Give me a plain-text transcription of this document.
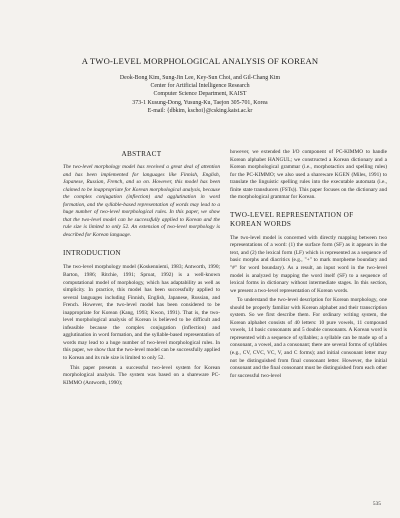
A TWO-LEVEL MORPHOLOGICAL ANALYSIS OF KOREAN
Deok-Bong Kim, Sung-Jin Lee, Key-Sun Choi, and Gil-Chang Kim
Center for Artificial Intelligence Research
Computer Science Department, KAIST
373-1 Kusung-Dong, Yusung-Ku, Taejon 305-701, Korea
E-mail: {dbkim, kschoi}@csking.kaist.ac.kr

ABSTRACT

The two-level morphology model has received a great deal of attention and has been implemented for languages like Finnish, English, Japanese, Russian, French, and so on. However, this model has been claimed to be inappropriate for Korean morphological analysis, because the complex conjugation (inflection) and agglutination in word formation, and the syllable-based representation of words may lead to a huge number of two-level morphological rules. In this paper, we show that the two-level model can be successfully applied to Korean and the rule size is limited to only 52. An extension of two-level morphology is described for Korean language.

INTRODUCTION

The two-level morphology model (Koskenniemi, 1983; Antworth, 1990; Barton, 1986; Ritchie, 1991; Sproat, 1992) is a well-known computational model of morphology, which has adaptability as well as simplicity. In practice, this model has been successfully applied to several languages including Finnish, English, Japanese, Russian, and French. However, the two-level model has been considered to be inappropriate for Korean (Kang, 1993; Kwon, 1991). That is, the two-level morphological analysis of Korean is believed to be difficult and infeasible because the complex conjugation (inflection) and agglutination in word formation, and the syllable-based representation of words may lead to a huge number of two-level morphological rules. In this paper, we show that the two-level model can be successfully applied to Korean and its rule size is limited to only 52.

This paper presents a successful two-level system for Korean morphological analysis. The system was based on a shareware PC-KIMMO (Antworth, 1990);

however, we extended the I/O component of PC-KIMMO to handle Korean alphabet HANGUL; we constructed a Korean dictionary and a Korean morphological grammar (i.e., morphotactics and spelling rules) for the PC-KIMMO; we also used a shareware KGEN (Miles, 1991) to translate the linguistic spelling rules into the executable automata (i.e., finite state transducers (FSTs)). This paper focuses on the dictionary and the morphological grammar for Korean.

TWO-LEVEL REPRESENTATION OF KOREAN WORDS

The two-level model is concerned with directly mapping between two representations of a word: (1) the surface form (SF) as it appears in the text, and (2) the lexical form (LF) which is represented as a sequence of basic morphs and diacritics (e.g., "+" to mark morpheme boundary and "#" for word boundary). As a result, an input word in the two-level model is analyzed by mapping the word itself (SF) to a sequence of lexical forms in dictionary without intermediate stages. In this section, we present a two-level representation of Korean words.

To understand the two-level description for Korean morphology, one should be properly familiar with Korean alphabet and their transcription system. So we first describe them. For ordinary writing system, the Korean alphabet consists of 40 letters: 10 pure vowels, 11 compound vowels, 14 basic consonants and 5 double consonants. A Korean word is represented with a sequence of syllables; a syllable can be made up of a consonant, a vowel, and a consonant; there are several forms of syllables (e.g., CV, CVC, VC, V, and C forms); and initial consonant letter may not be distinguished from final consonant letter. However, the initial consonant and the final consonant must be distinguished from each other for successful two-level

535
